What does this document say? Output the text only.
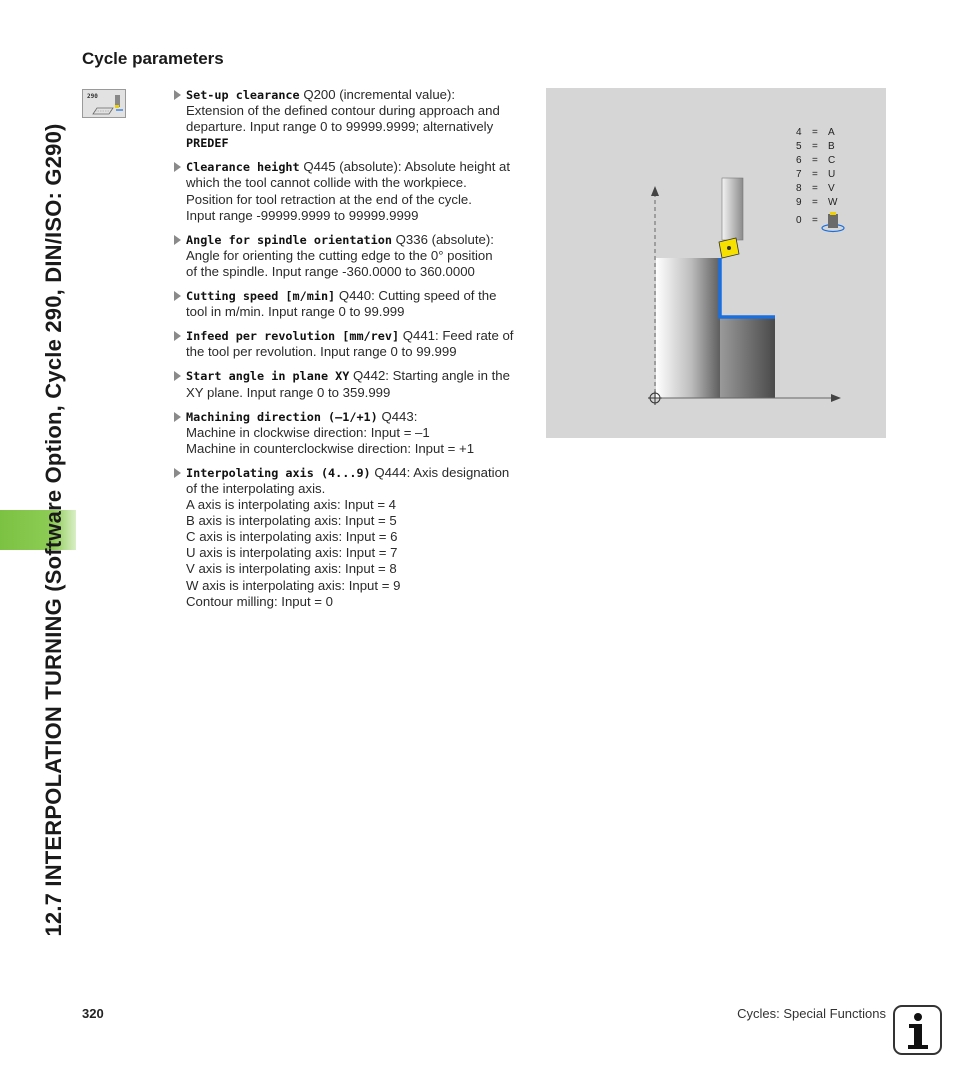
12.7 INTERPOLATION TURNING (Software Option, Cycle 290, DIN/ISO: G290)
Cycle parameters
290	Set-up clearance Q200 (incremental value):
Extension of the defined contour during approach and
departure. Input range 0 to 99999.9999; alternatively
PREDEF
Clearance height Q445 (absolute): Absolute height at
which the tool cannot collide with the workpiece.
Position for tool retraction at the end of the cycle.
Input range -99999.9999 to 99999.9999
Angle for spindle orientation Q336 (absolute):
Angle for orienting the cutting edge to the 0° position
of the spindle. Input range -360.0000 to 360.0000
Cutting speed [m/min] Q440: Cutting speed of the
tool in m/min. Input range 0 to 99.999
Infeed per revolution [mm/rev] Q441: Feed rate of
the tool per revolution. Input range 0 to 99.999
Start angle in plane XY Q442: Starting angle in the
XY plane. Input range 0 to 359.999
Machining direction (–1/+1) Q443:
Machine in clockwise direction: Input = –1
Machine in counterclockwise direction: Input = +1
Interpolating axis (4...9) Q444: Axis designation
of the interpolating axis.
A axis is interpolating axis: Input = 4
B axis is interpolating axis: Input = 5
C axis is interpolating axis: Input = 6
U axis is interpolating axis: Input = 7
V axis is interpolating axis: Input = 8
W axis is interpolating axis: Input = 9
Contour milling: Input = 0
4 = A
5 = B
6 = C
7 = U
8 = V
9 = W
0 =
320	Cycles: Special Functions
